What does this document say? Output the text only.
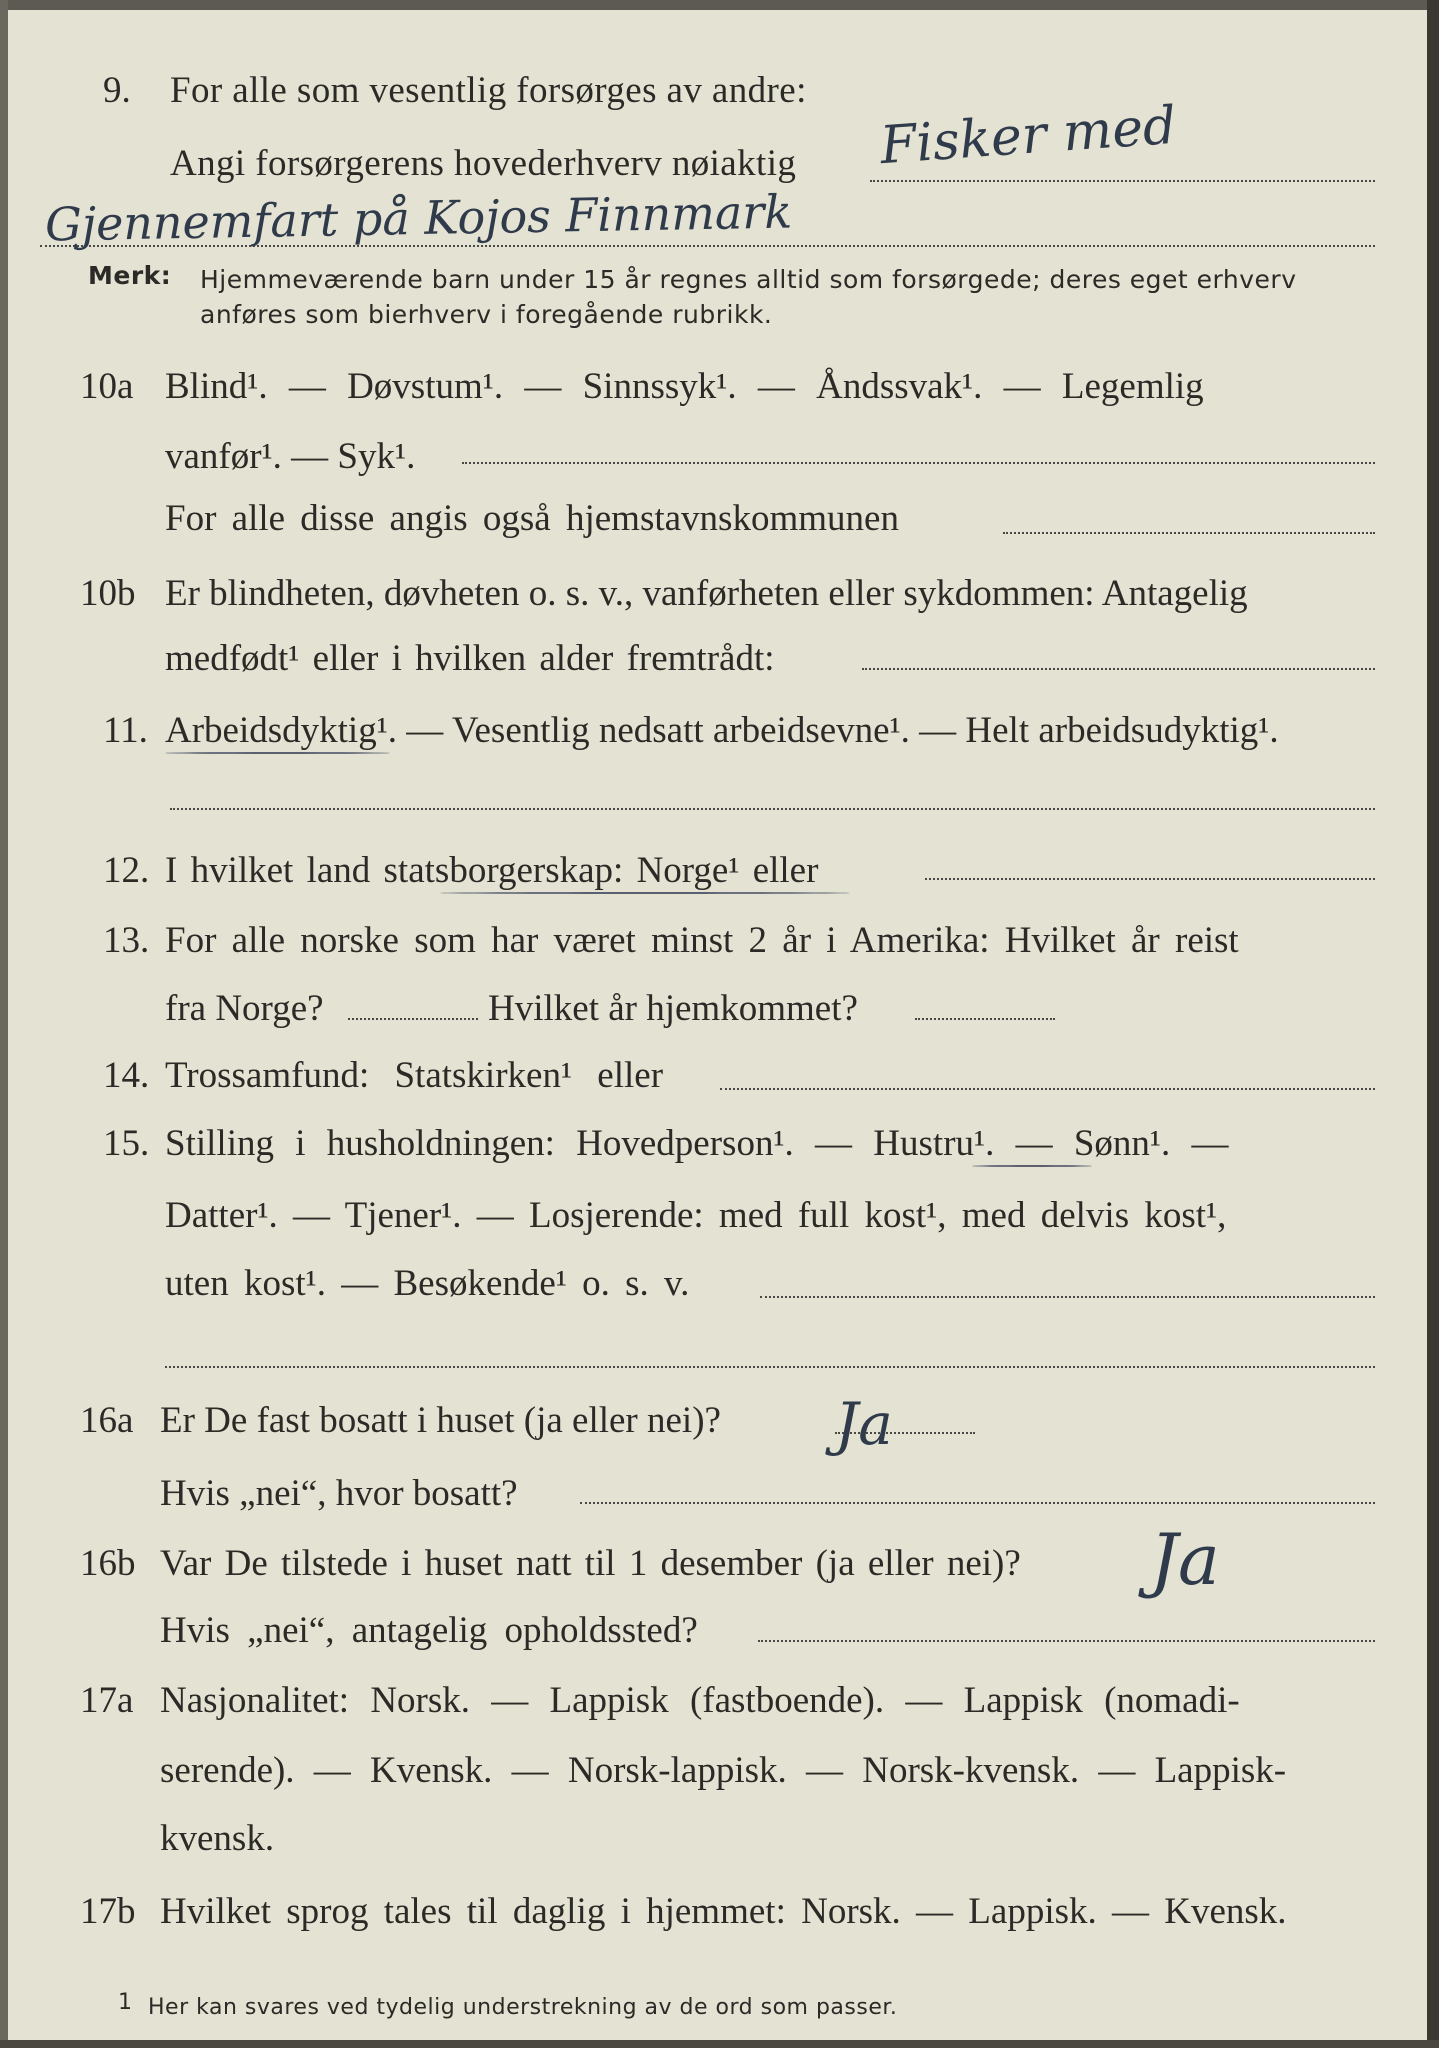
9. For alle som vesentlig forsørges av andre:
Angi forsørgerens hovederhverv nøiaktig Fisker med
Gjennemfart på Kojos Finnmark
Merk: Hjemmeværende barn under 15 år regnes alltid som forsørgede; deres eget erhverv
anføres som bierhverv i foregående rubrikk.
10a Blind¹. — Døvstum¹. — Sinnssyk¹. — Åndssvak¹. — Legemlig
vanfør¹. — Syk¹.
For alle disse angis også hjemstavnskommunen
10b Er blindheten, døvheten o. s. v., vanførheten eller sykdommen: Antagelig
medfødt¹ eller i hvilken alder fremtrådt:
11. Arbeidsdyktig¹. — Vesentlig nedsatt arbeidsevne¹. — Helt arbeidsudyktig¹.
12. I hvilket land statsborgerskap: Norge¹ eller
13. For alle norske som har været minst 2 år i Amerika: Hvilket år reist
fra Norge?	Hvilket år hjemkommet?
14. Trossamfund: Statskirken¹ eller
15. Stilling i husholdningen: Hovedperson¹. — Hustru¹. — Sønn¹. —
Datter¹. — Tjener¹. — Losjerende: med full kost¹, med delvis kost¹,
uten kost¹. — Besøkende¹ o. s. v.
16a Er De fast bosatt i huset (ja eller nei)? Ja
Hvis „nei“, hvor bosatt?
16b Var De tilstede i huset natt til 1 desember (ja eller nei)? Ja
Hvis „nei“, antagelig opholdssted?
17a Nasjonalitet: Norsk. — Lappisk (fastboende). — Lappisk (nomadi-
serende). — Kvensk. — Norsk-lappisk. — Norsk-kvensk. — Lappisk-
kvensk.
17b Hvilket sprog tales til daglig i hjemmet: Norsk. — Lappisk. — Kvensk.
1 Her kan svares ved tydelig understrekning av de ord som passer.
